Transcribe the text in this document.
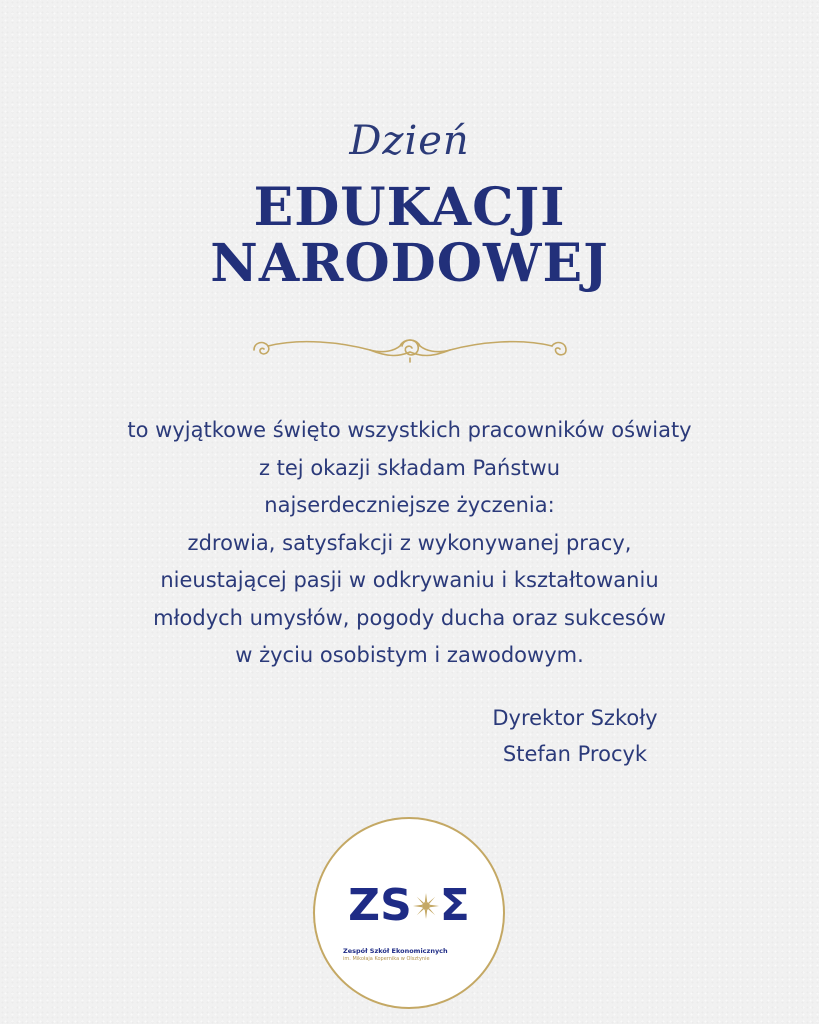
Dzień
EDUKACJI
NARODOWEJ
to wyjątkowe święto wszystkich pracowników oświaty
z tej okazji składam Państwu
najserdeczniejsze życzenia:
zdrowia, satysfakcji z wykonywanej pracy,
nieustającej pasji w odkrywaniu i kształtowaniu
młodych umysłów, pogody ducha oraz sukcesów
w życiu osobistym i zawodowym.
Dyrektor Szkoły
Stefan Procyk
ZS Σ
Zespół Szkół Ekonomicznych
im. Mikołaja Kopernika w Olsztynie
